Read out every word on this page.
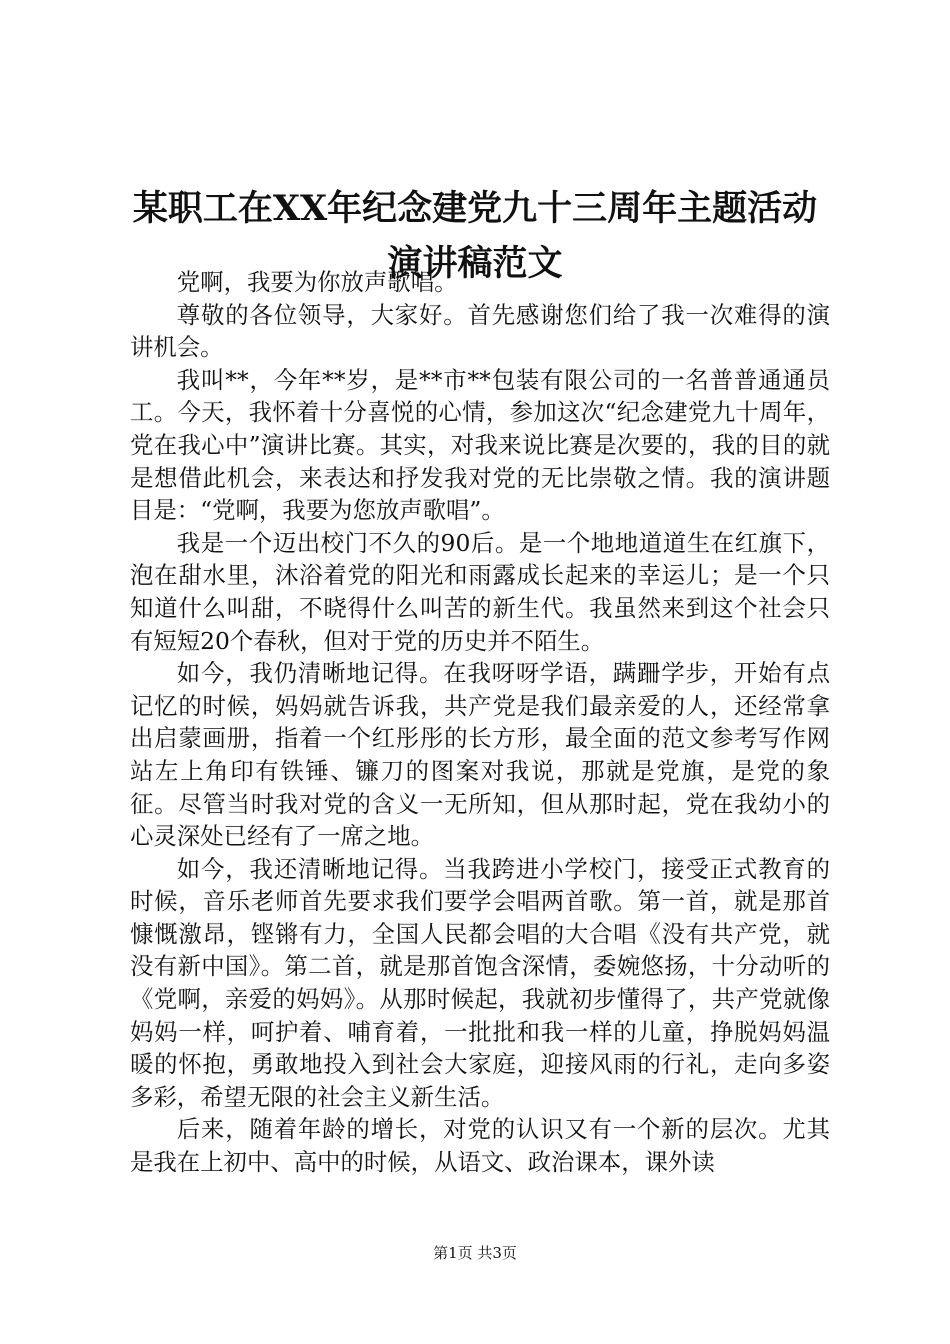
某职工在XX年纪念建党九十三周年主题活动
演讲稿范文

党啊，我要为你放声歌唱。

尊敬的各位领导，大家好。首先感谢您们给了我一次难得的演讲机会。

我叫**，今年**岁，是**市**包装有限公司的一名普普通通员工。今天，我怀着十分喜悦的心情，参加这次“纪念建党九十周年，党在我心中”演讲比赛。其实，对我来说比赛是次要的，我的目的就是想借此机会，来表达和抒发我对党的无比崇敬之情。我的演讲题目是：“党啊，我要为您放声歌唱”。

我是一个迈出校门不久的90后。是一个地地道道生在红旗下，泡在甜水里，沐浴着党的阳光和雨露成长起来的幸运儿；是一个只知道什么叫甜，不晓得什么叫苦的新生代。我虽然来到这个社会只有短短20个春秋，但对于党的历史并不陌生。

如今，我仍清晰地记得。在我呀呀学语，蹒跚学步，开始有点记忆的时候，妈妈就告诉我，共产党是我们最亲爱的人，还经常拿出启蒙画册，指着一个红彤彤的长方形，最全面的范文参考写作网站左上角印有铁锤、镰刀的图案对我说，那就是党旗，是党的象征。尽管当时我对党的含义一无所知，但从那时起，党在我幼小的心灵深处已经有了一席之地。

如今，我还清晰地记得。当我跨进小学校门，接受正式教育的时候，音乐老师首先要求我们要学会唱两首歌。第一首，就是那首慷慨激昂，铿锵有力，全国人民都会唱的大合唱《没有共产党，就没有新中国》。第二首，就是那首饱含深情，委婉悠扬，十分动听的《党啊，亲爱的妈妈》。从那时候起，我就初步懂得了，共产党就像妈妈一样，呵护着、哺育着，一批批和我一样的儿童，挣脱妈妈温暖的怀抱，勇敢地投入到社会大家庭，迎接风雨的行礼，走向多姿多彩，希望无限的社会主义新生活。

后来，随着年龄的增长，对党的认识又有一个新的层次。尤其是我在上初中、高中的时候，从语文、政治课本，课外读

第1页 共3页
